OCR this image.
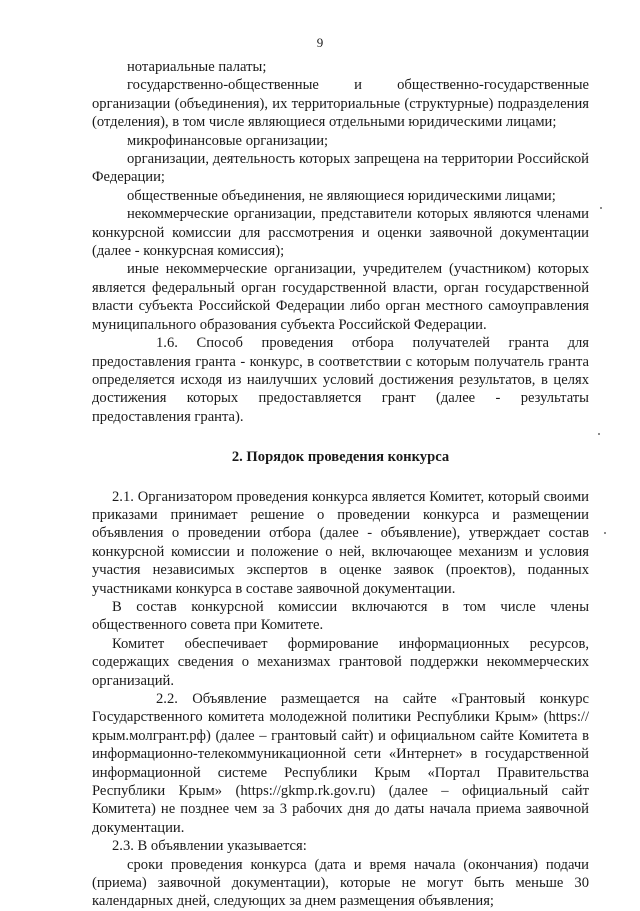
9

нотариальные палаты;

государственно-общественные и общественно-государственные организации (объединения), их территориальные (структурные) подразделения (отделения), в том числе являющиеся отдельными юридическими лицами;

микрофинансовые организации;

организации, деятельность которых запрещена на территории Российской Федерации;

общественные объединения, не являющиеся юридическими лицами;

некоммерческие организации, представители которых являются членами конкурсной комиссии для рассмотрения и оценки заявочной документации (далее - конкурсная комиссия);

иные некоммерческие организации, учредителем (участником) которых является федеральный орган государственной власти, орган государственной власти субъекта Российской Федерации либо орган местного самоуправления муниципального образования субъекта Российской Федерации.

1.6. Способ проведения отбора получателей грантa для предоставления гранта - конкурс, в соответствии с которым получатель гранта определяется исходя из наилучших условий достижения результатов, в целях достижения которых предоставляется грант (далее - результаты предоставления гранта).

2. Порядок проведения конкурса

2.1. Организатором проведения конкурса является Комитет, который своими приказами принимает решение о проведении конкурса и размещении объявления о проведении отбора (далее - объявление), утверждает состав конкурсной комиссии и положение о ней, включающее механизм и условия участия независимых экспертов в оценке заявок (проектов), поданных участниками конкурса в составе заявочной документации.

В состав конкурсной комиссии включаются в том числе члены общественного совета при Комитете.

Комитет обеспечивает формирование информационных ресурсов, содержащих сведения о механизмах грантовой поддержки некоммерческих организаций.

2.2. Объявление размещается на сайте «Грантовый конкурс Государственного комитета молодежной политики Республики Крым» (https://крым.молгрант.рф) (далее – грантовый сайт) и официальном сайте Комитета в информационно-телекоммуникационной сети «Интернет» в государственной информационной системе Республики Крым «Портал Правительства Республики Крым» (https://gkmp.rk.gov.ru) (далее – официальный сайт Комитета) не позднее чем за 3 рабочих дня до даты начала приема заявочной документации.

2.3. В объявлении указывается:

сроки проведения конкурса (дата и время начала (окончания) подачи (приема) заявочной документации), которые не могут быть меньше 30 календарных дней, следующих за днем размещения объявления;
